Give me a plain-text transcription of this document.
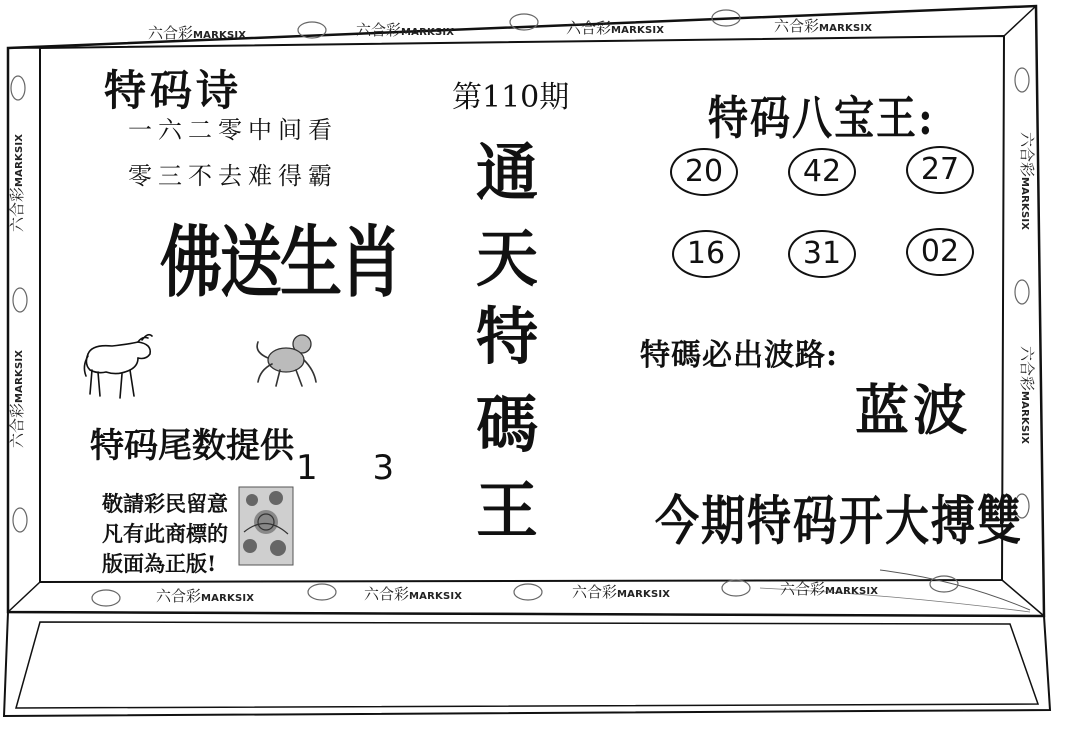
六合彩MARKSIX	六合彩MARKSIX	六合彩MARKSIX	六合彩MARKSIX
六合彩MARKSIX	六合彩MARKSIX	六合彩MARKSIX	六合彩MARKSIX
六合彩MARKSIX
六合彩MARKSIX
六合彩MARKSIX
六合彩MARKSIX
特码诗
一六二零中间看
零三不去难得霸
佛送生肖
特码尾数提供
1 3
敬請彩民留意
凡有此商標的
版面為正版!
第110期
通
天
特
碼
王
特码八宝王:
20	42	27
16	31	02
特碼必出波路:
蓝波
今期特码开大搏雙
